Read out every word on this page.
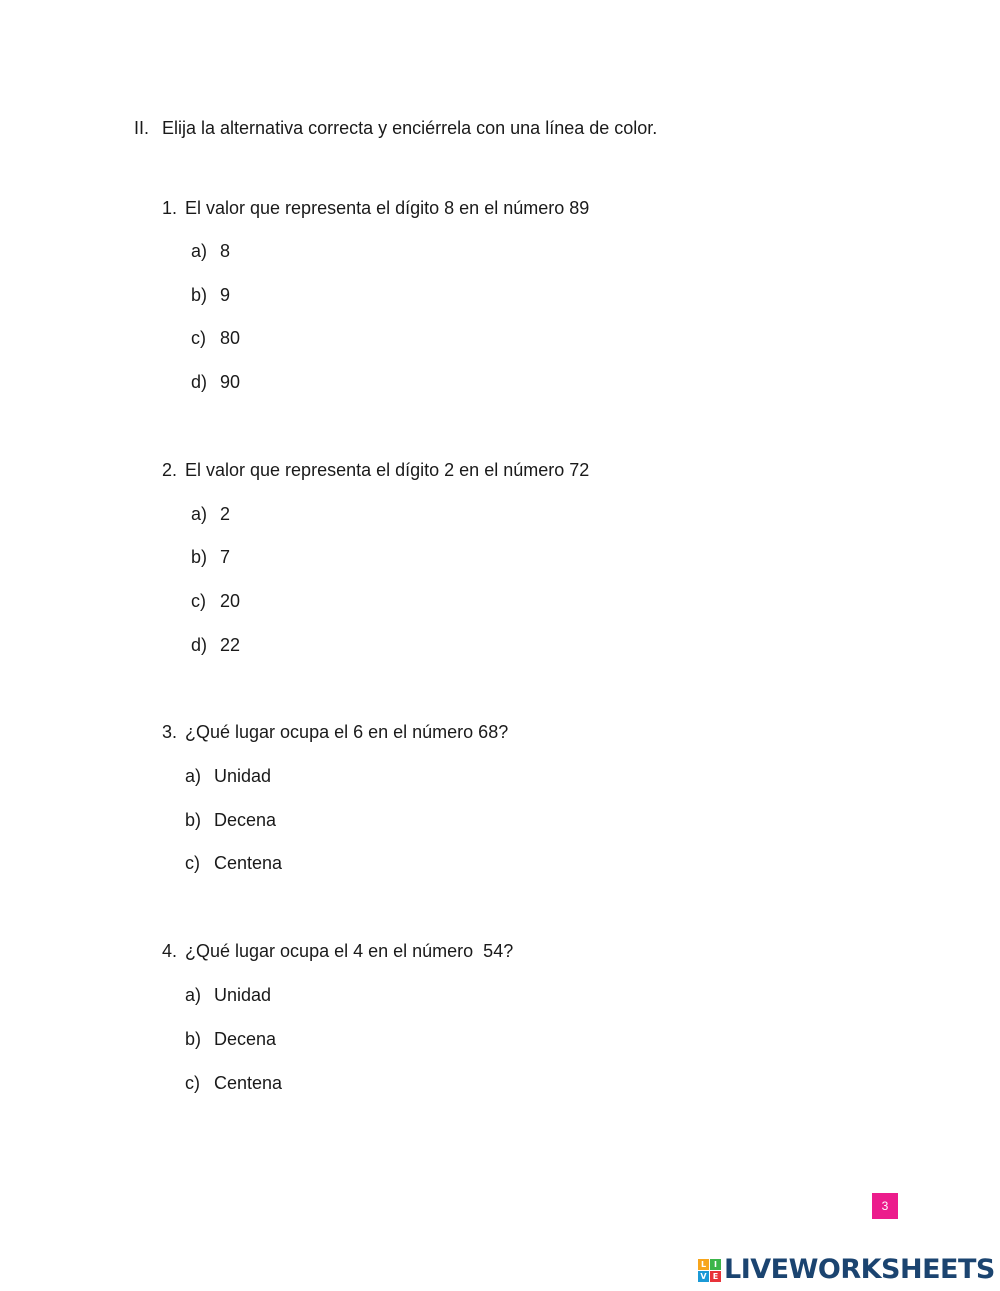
II. Elija la alternativa correcta y enciérrela con una línea de color.
1. El valor que representa el dígito 8 en el número 89
a) 8
b) 9
c) 80
d) 90
2. El valor que representa el dígito 2 en el número 72
a) 2
b) 7
c) 20
d) 22
3. ¿Qué lugar ocupa el 6 en el número 68?
a) Unidad
b) Decena
c) Centena
4. ¿Qué lugar ocupa el 4 en el número  54?
a) Unidad
b) Decena
c) Centena
3
L I
V E LIVEWORKSHEETS
